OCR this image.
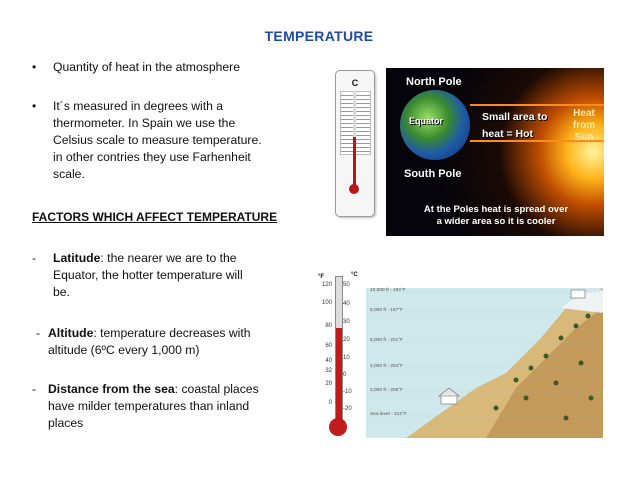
TEMPERATURE
• Quantity of heat in the atmosphere
• It´s measured in degrees with a
thermometer. In Spain we use the
Celsius scale to measure temperature.
in other contries they use Farhenheit
scale.
FACTORS WHICH AFFECT TEMPERATURE
- Latitude: the nearer we are to the
Equator, the hotter temperature will
be.
- Altitude: temperature decreases with
altitude (6ºC every 1,000 m)
- Distance from the sea: coastal places
have milder temperatures than inland
places
C	North Pole
Equator
South Pole
Small area to
heat = Hot
Heat from Sun
At the Poles heat is spread over
a wider area so it is cooler
°F	°C
120
100
80
60
40
32
20
0
50
40
30
20
10
0
-10
-20
10,000 ft - 194°F
8,000 ft - 197°F
6,000 ft - 201°F
4,000 ft - 204°F
2,000 ft - 208°F
Sea level - 212°F
